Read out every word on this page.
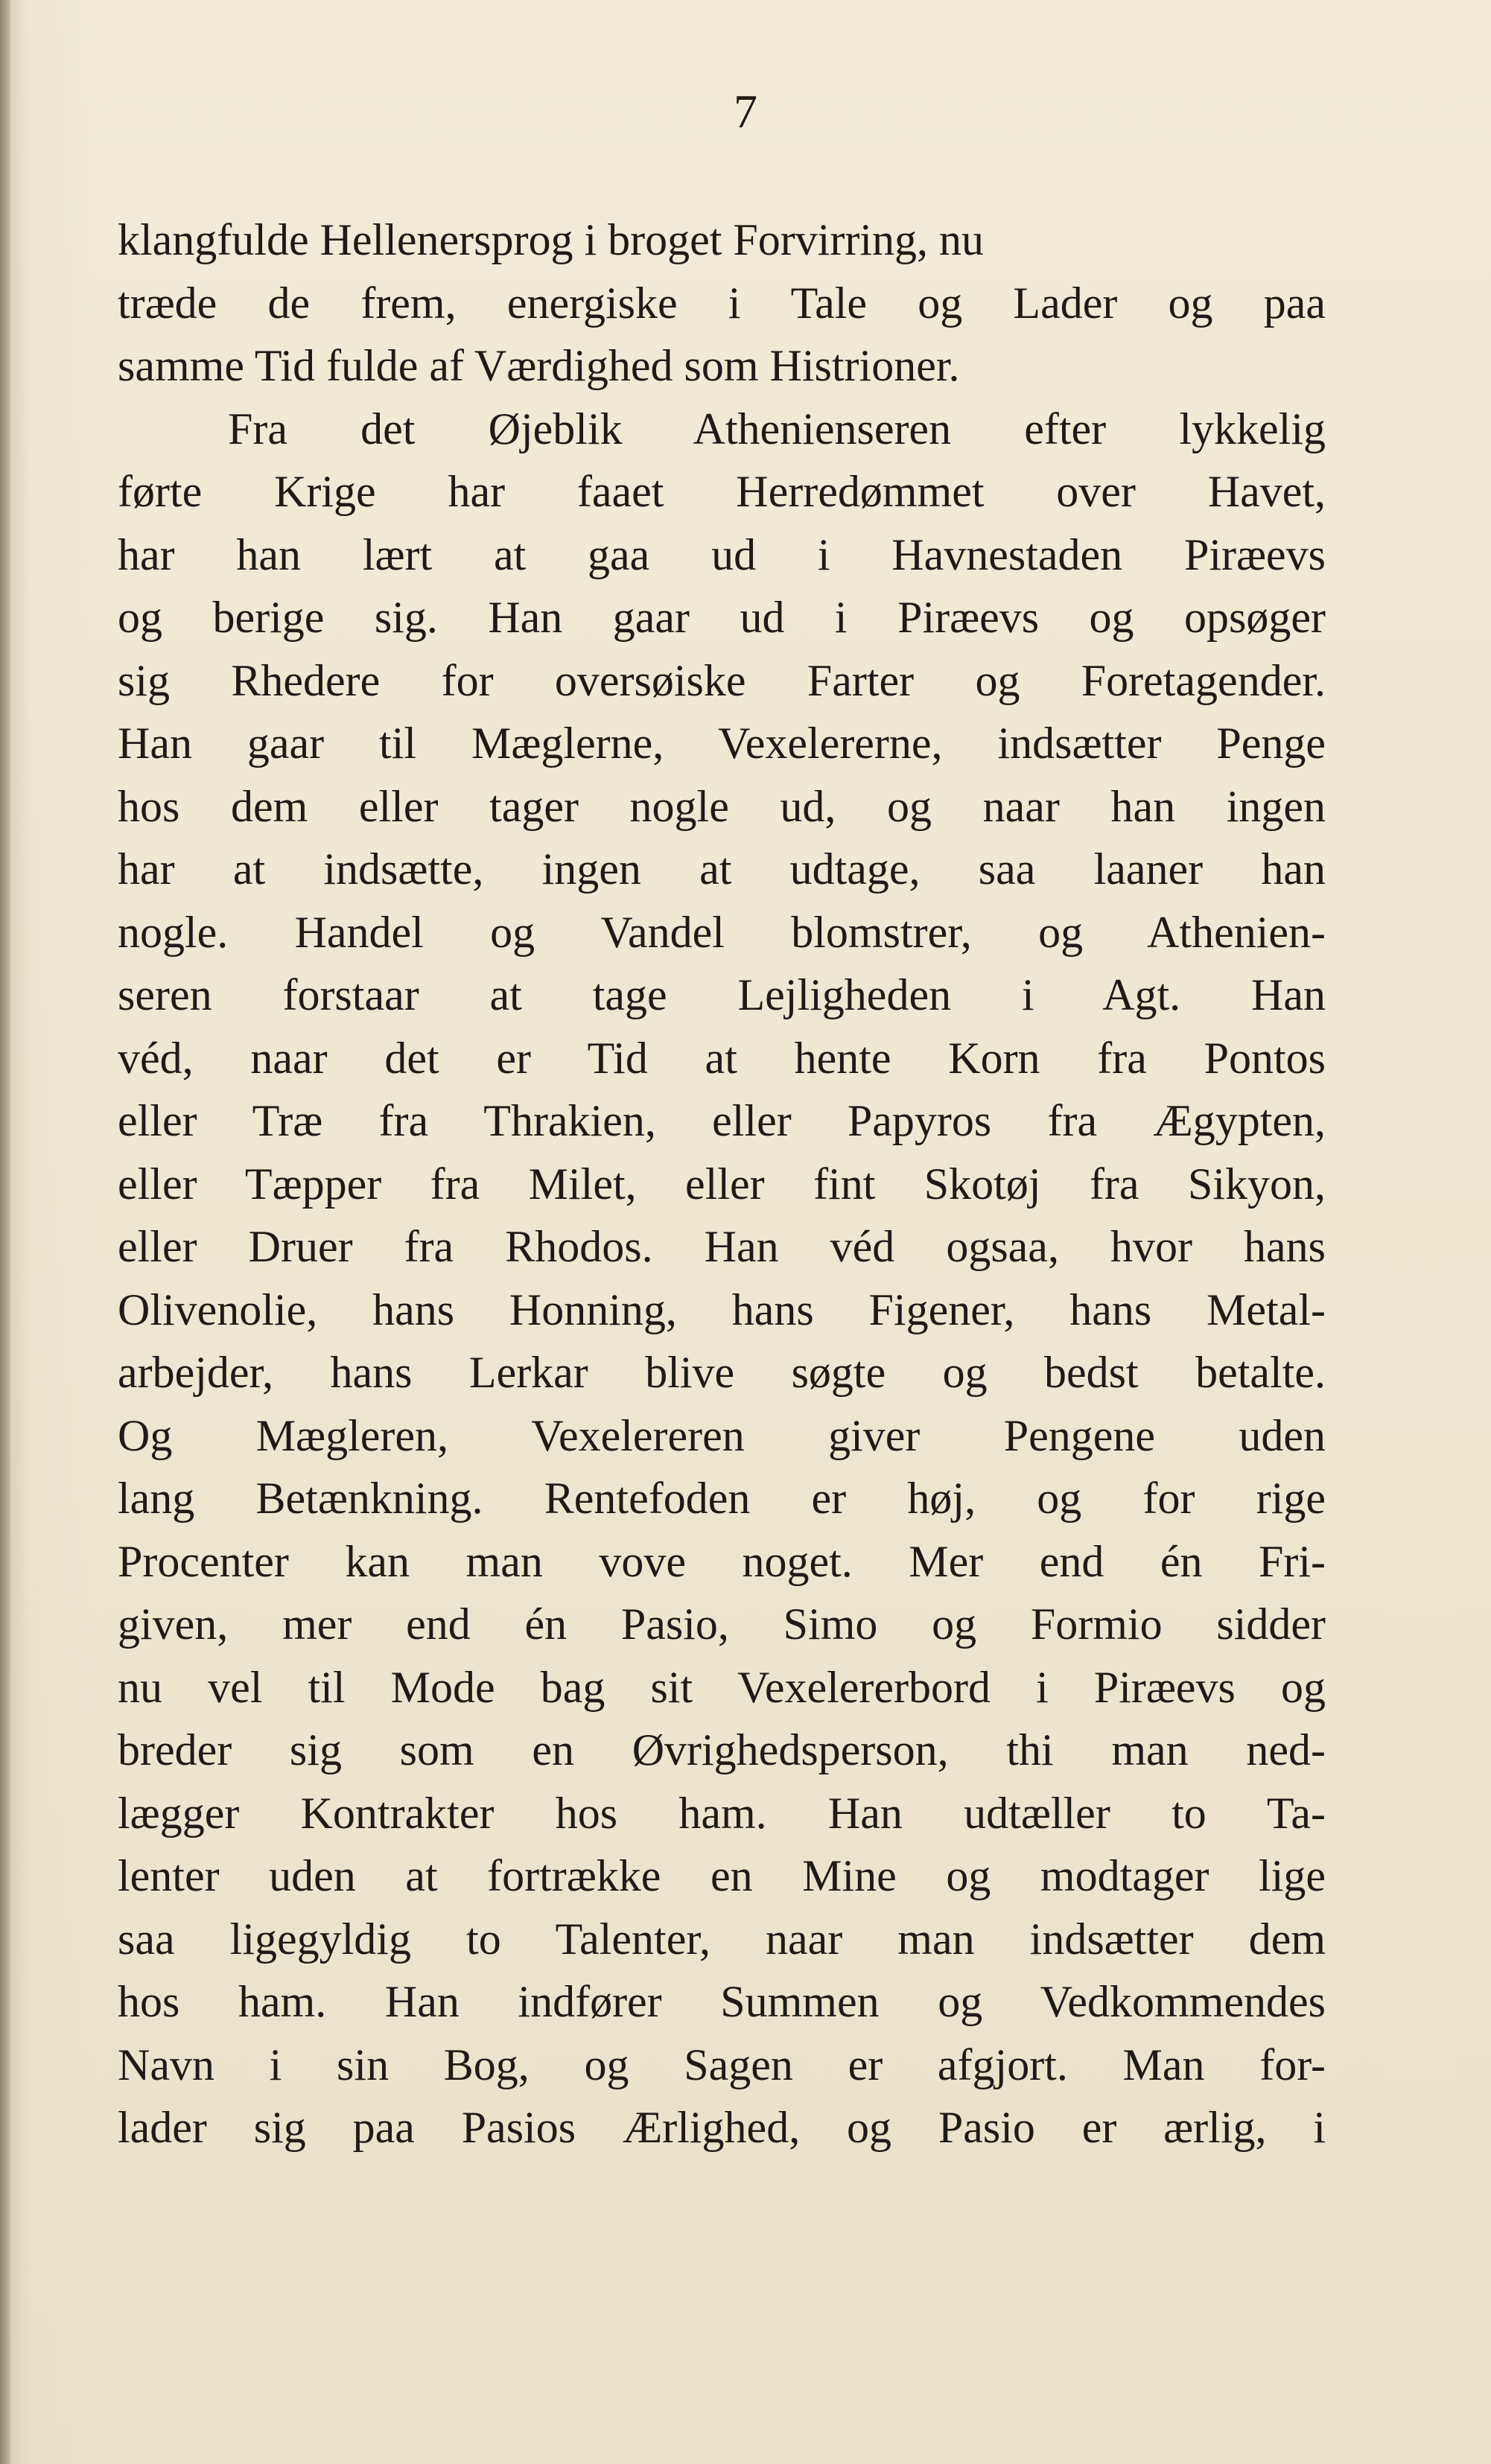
7
klangfulde Hellenersprog i broget Forvirring, nu
træde de frem, energiske i Tale og Lader og paa
samme Tid fulde af Værdighed som Histrioner.
Fra det Øjeblik Athenienseren efter lykkelig
førte Krige har faaet Herredømmet over Havet,
har han lært at gaa ud i Havnestaden Piræevs
og berige sig. Han gaar ud i Piræevs og opsøger
sig Rhedere for oversøiske Farter og Foretagender.
Han gaar til Mæglerne, Vexelererne, indsætter Penge
hos dem eller tager nogle ud, og naar han ingen
har at indsætte, ingen at udtage, saa laaner han
nogle. Handel og Vandel blomstrer, og Athenien-
seren forstaar at tage Lejligheden i Agt. Han
véd, naar det er Tid at hente Korn fra Pontos
eller Træ fra Thrakien, eller Papyros fra Ægypten,
eller Tæpper fra Milet, eller fint Skotøj fra Sikyon,
eller Druer fra Rhodos. Han véd ogsaa, hvor hans
Olivenolie, hans Honning, hans Figener, hans Metal-
arbejder, hans Lerkar blive søgte og bedst betalte.
Og Mægleren, Vexelereren giver Pengene uden
lang Betænkning. Rentefoden er høj, og for rige
Procenter kan man vove noget. Mer end én Fri-
given, mer end én Pasio, Simo og Formio sidder
nu vel til Mode bag sit Vexelererbord i Piræevs og
breder sig som en Øvrighedsperson, thi man ned-
lægger Kontrakter hos ham. Han udtæller to Ta-
lenter uden at fortrække en Mine og modtager lige
saa ligegyldig to Talenter, naar man indsætter dem
hos ham. Han indfører Summen og Vedkommendes
Navn i sin Bog, og Sagen er afgjort. Man for-
lader sig paa Pasios Ærlighed, og Pasio er ærlig, i
